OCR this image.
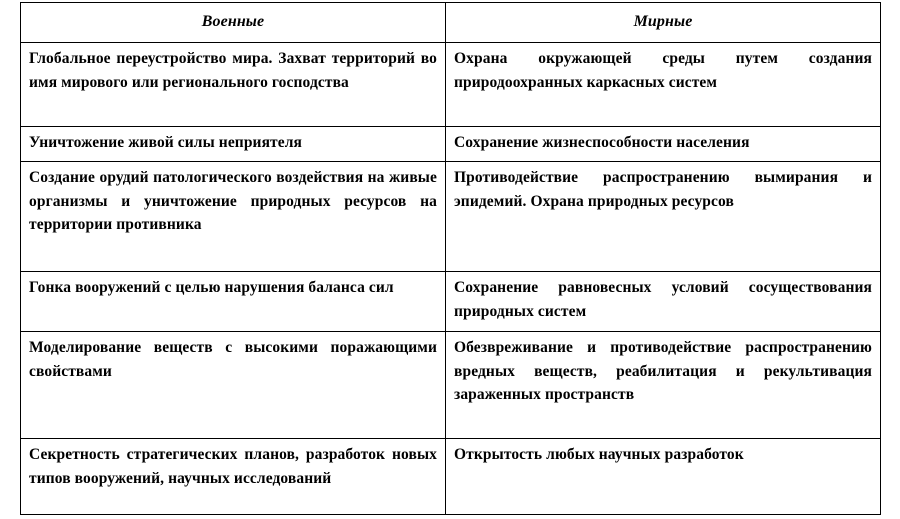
Военные	Мирные

Глобальное переустройство мира. Захват территорий во имя мирового или регионального господства	Охрана окружающей среды путем создания природоохранных каркасных систем

Уничтожение живой силы неприятеля	Сохранение жизнеспособности населения

Создание орудий патологического воздействия на живые организмы и уничтожение природных ресурсов на территории противника	Противодействие распространению вымирания и эпидемий. Охрана природных ресурсов

Гонка вооружений с целью нарушения баланса сил	Сохранение равновесных условий сосуществования природных систем

Моделирование веществ с высокими поражающими свойствами	Обезвреживание и противодействие распространению вредных веществ, реабилитация и рекультивация зараженных пространств

Секретность стратегических планов, разработок новых типов вооружений, научных исследований	Открытость любых научных разработок
